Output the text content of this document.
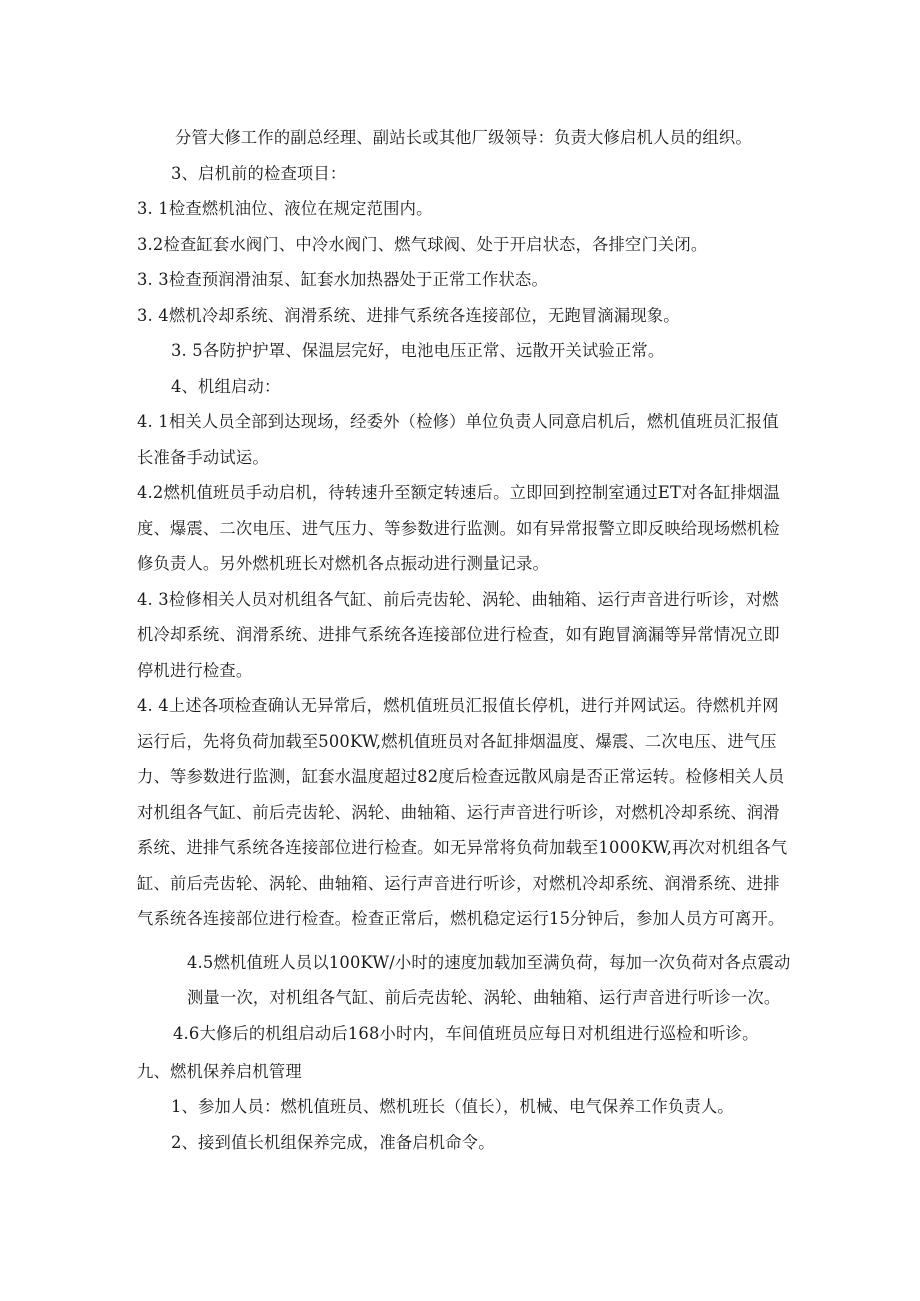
分管大修工作的副总经理、副站长或其他厂级领导：负责大修启机人员的组织。

3、启机前的检查项目：

3. 1检查燃机油位、液位在规定范围内。

3.2检查缸套水阀门、中冷水阀门、燃气球阀、处于开启状态，各排空门关闭。

3. 3检查预润滑油泵、缸套水加热器处于正常工作状态。

3. 4燃机冷却系统、润滑系统、进排气系统各连接部位，无跑冒滴漏现象。

3. 5各防护护罩、保温层完好，电池电压正常、远散开关试验正常。

4、机组启动：

4. 1相关人员全部到达现场，经委外（检修）单位负责人同意启机后，燃机值班员汇报值长准备手动试运。

4.2燃机值班员手动启机，待转速升至额定转速后。立即回到控制室通过ET对各缸排烟温度、爆震、二次电压、进气压力、等参数进行监测。如有异常报警立即反映给现场燃机检修负责人。另外燃机班长对燃机各点振动进行测量记录。

4. 3检修相关人员对机组各气缸、前后壳齿轮、涡轮、曲轴箱、运行声音进行听诊，对燃机冷却系统、润滑系统、进排气系统各连接部位进行检查，如有跑冒滴漏等异常情况立即停机进行检查。

4. 4上述各项检查确认无异常后，燃机值班员汇报值长停机，进行并网试运。待燃机并网运行后，先将负荷加载至500KW,燃机值班员对各缸排烟温度、爆震、二次电压、进气压力、等参数进行监测，缸套水温度超过82度后检查远散风扇是否正常运转。检修相关人员对机组各气缸、前后壳齿轮、涡轮、曲轴箱、运行声音进行听诊，对燃机冷却系统、润滑系统、进排气系统各连接部位进行检查。如无异常将负荷加载至1000KW,再次对机组各气缸、前后壳齿轮、涡轮、曲轴箱、运行声音进行听诊，对燃机冷却系统、润滑系统、进排气系统各连接部位进行检查。检查正常后，燃机稳定运行15分钟后，参加人员方可离开。

4.5燃机值班人员以100KW/小时的速度加载加至满负荷，每加一次负荷对各点震动测量一次，对机组各气缸、前后壳齿轮、涡轮、曲轴箱、运行声音进行听诊一次。

4.6大修后的机组启动后168小时内，车间值班员应每日对机组进行巡检和听诊。

九、燃机保养启机管理

1、参加人员：燃机值班员、燃机班长（值长），机械、电气保养工作负责人。

2、接到值长机组保养完成，准备启机命令。
